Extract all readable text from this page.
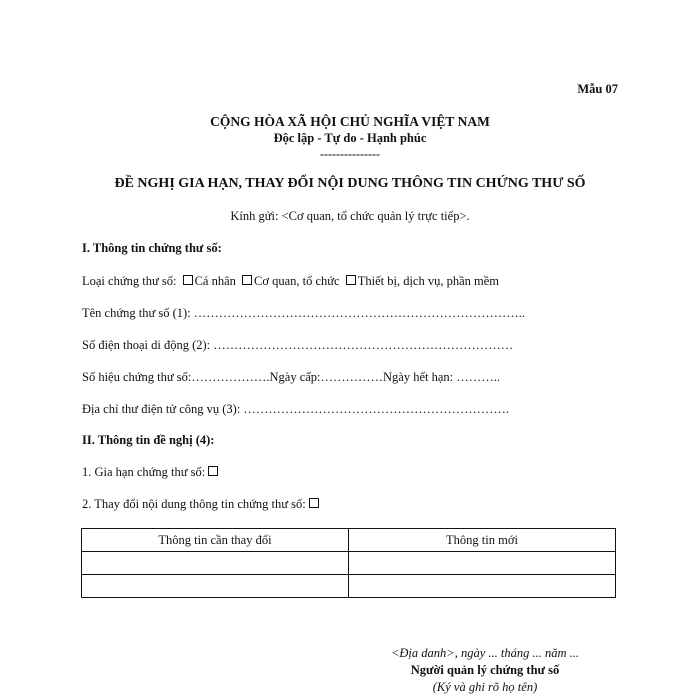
Mẫu 07
CỘNG HÒA XÃ HỘI CHỦ NGHĨA VIỆT NAM
Độc lập - Tự do - Hạnh phúc
---------------
ĐỀ NGHỊ GIA HẠN, THAY ĐỔI NỘI DUNG THÔNG TIN CHỨNG THƯ SỐ
Kính gửi: <Cơ quan, tổ chức quản lý trực tiếp>.
I. Thông tin chứng thư số:
Loại chứng thư số: Cá nhân Cơ quan, tổ chức Thiết bị, dịch vụ, phần mềm
Tên chứng thư số (1): ……………………………………………………………………..
Số điện thoại di động (2): ………………………………………………………………
Số hiệu chứng thư số:……………….Ngày cấp:……………Ngày hết hạn: ………..
Địa chỉ thư điện tử công vụ (3): ……………………………………………………….
II. Thông tin đề nghị (4):
1. Gia hạn chứng thư số:
2. Thay đổi nội dung thông tin chứng thư số:
Thông tin cần thay đổi	Thông tin mới

<Địa danh>, ngày ... tháng ... năm ...
Người quản lý chứng thư số
(Ký và ghi rõ họ tên)
